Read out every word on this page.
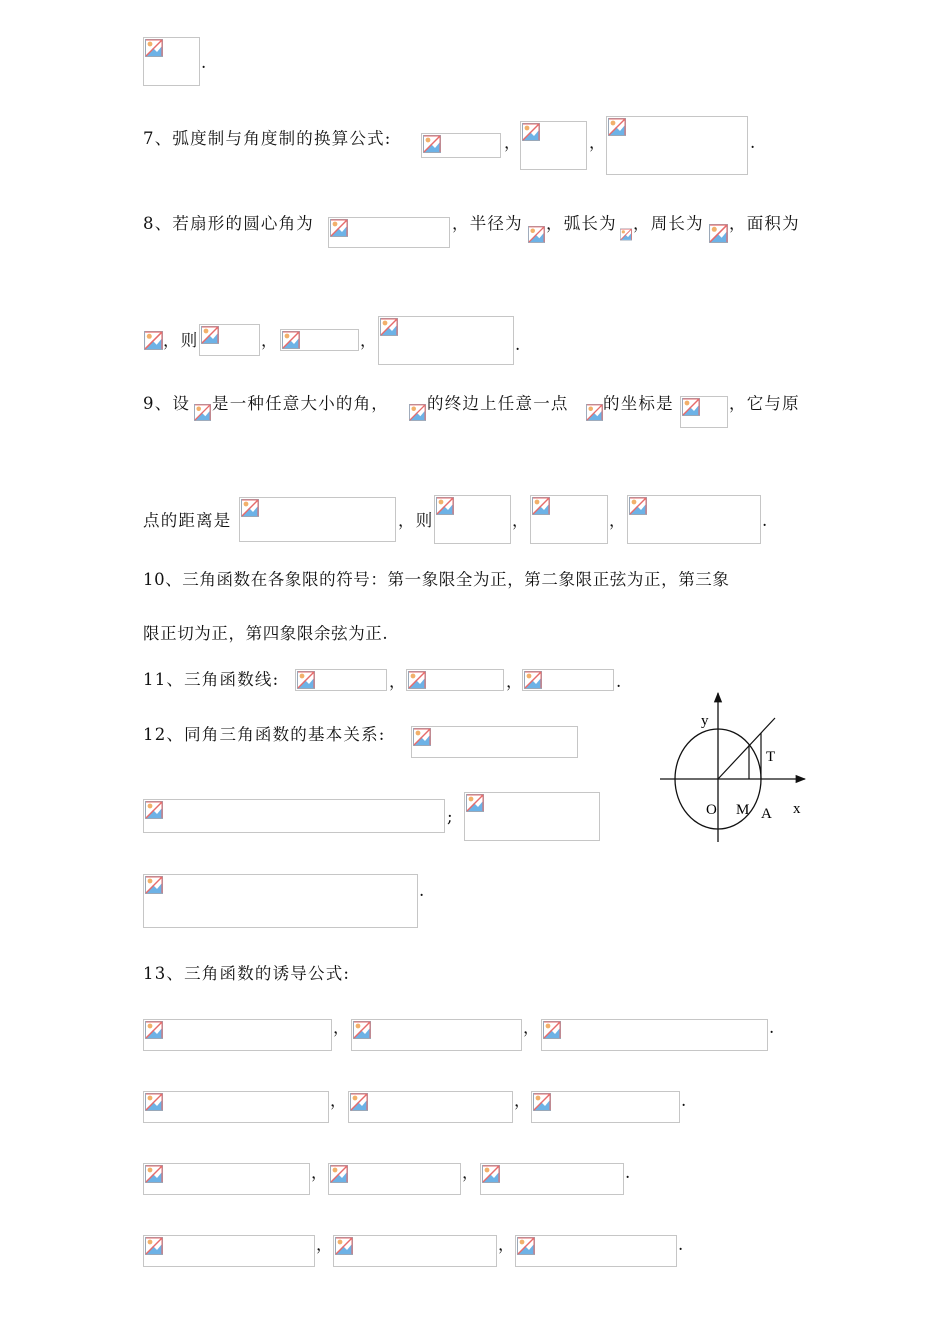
.
7、弧度制与角度制的换算公式:	，	，	.
8、若扇形的圆心角为	，半径为 ，弧长为 ，周长为 ，面积为
，则	，	，	.
9、设 是一种任意大小的角， 的终边上任意一点 的坐标是	，它与原
点的距离是	，则	，	，	.
10、三角函数在各象限的符号：第一象限全为正，第二象限正弦为正，第三象
限正切为正，第四象限余弦为正.
11、三角函数线:	，	，	.
12、同角三角函数的基本关系:
;
.
y
x
T
O M A
13、三角函数的诱导公式:
，	，	.
，	，	.
，	，	.
，	，	.
